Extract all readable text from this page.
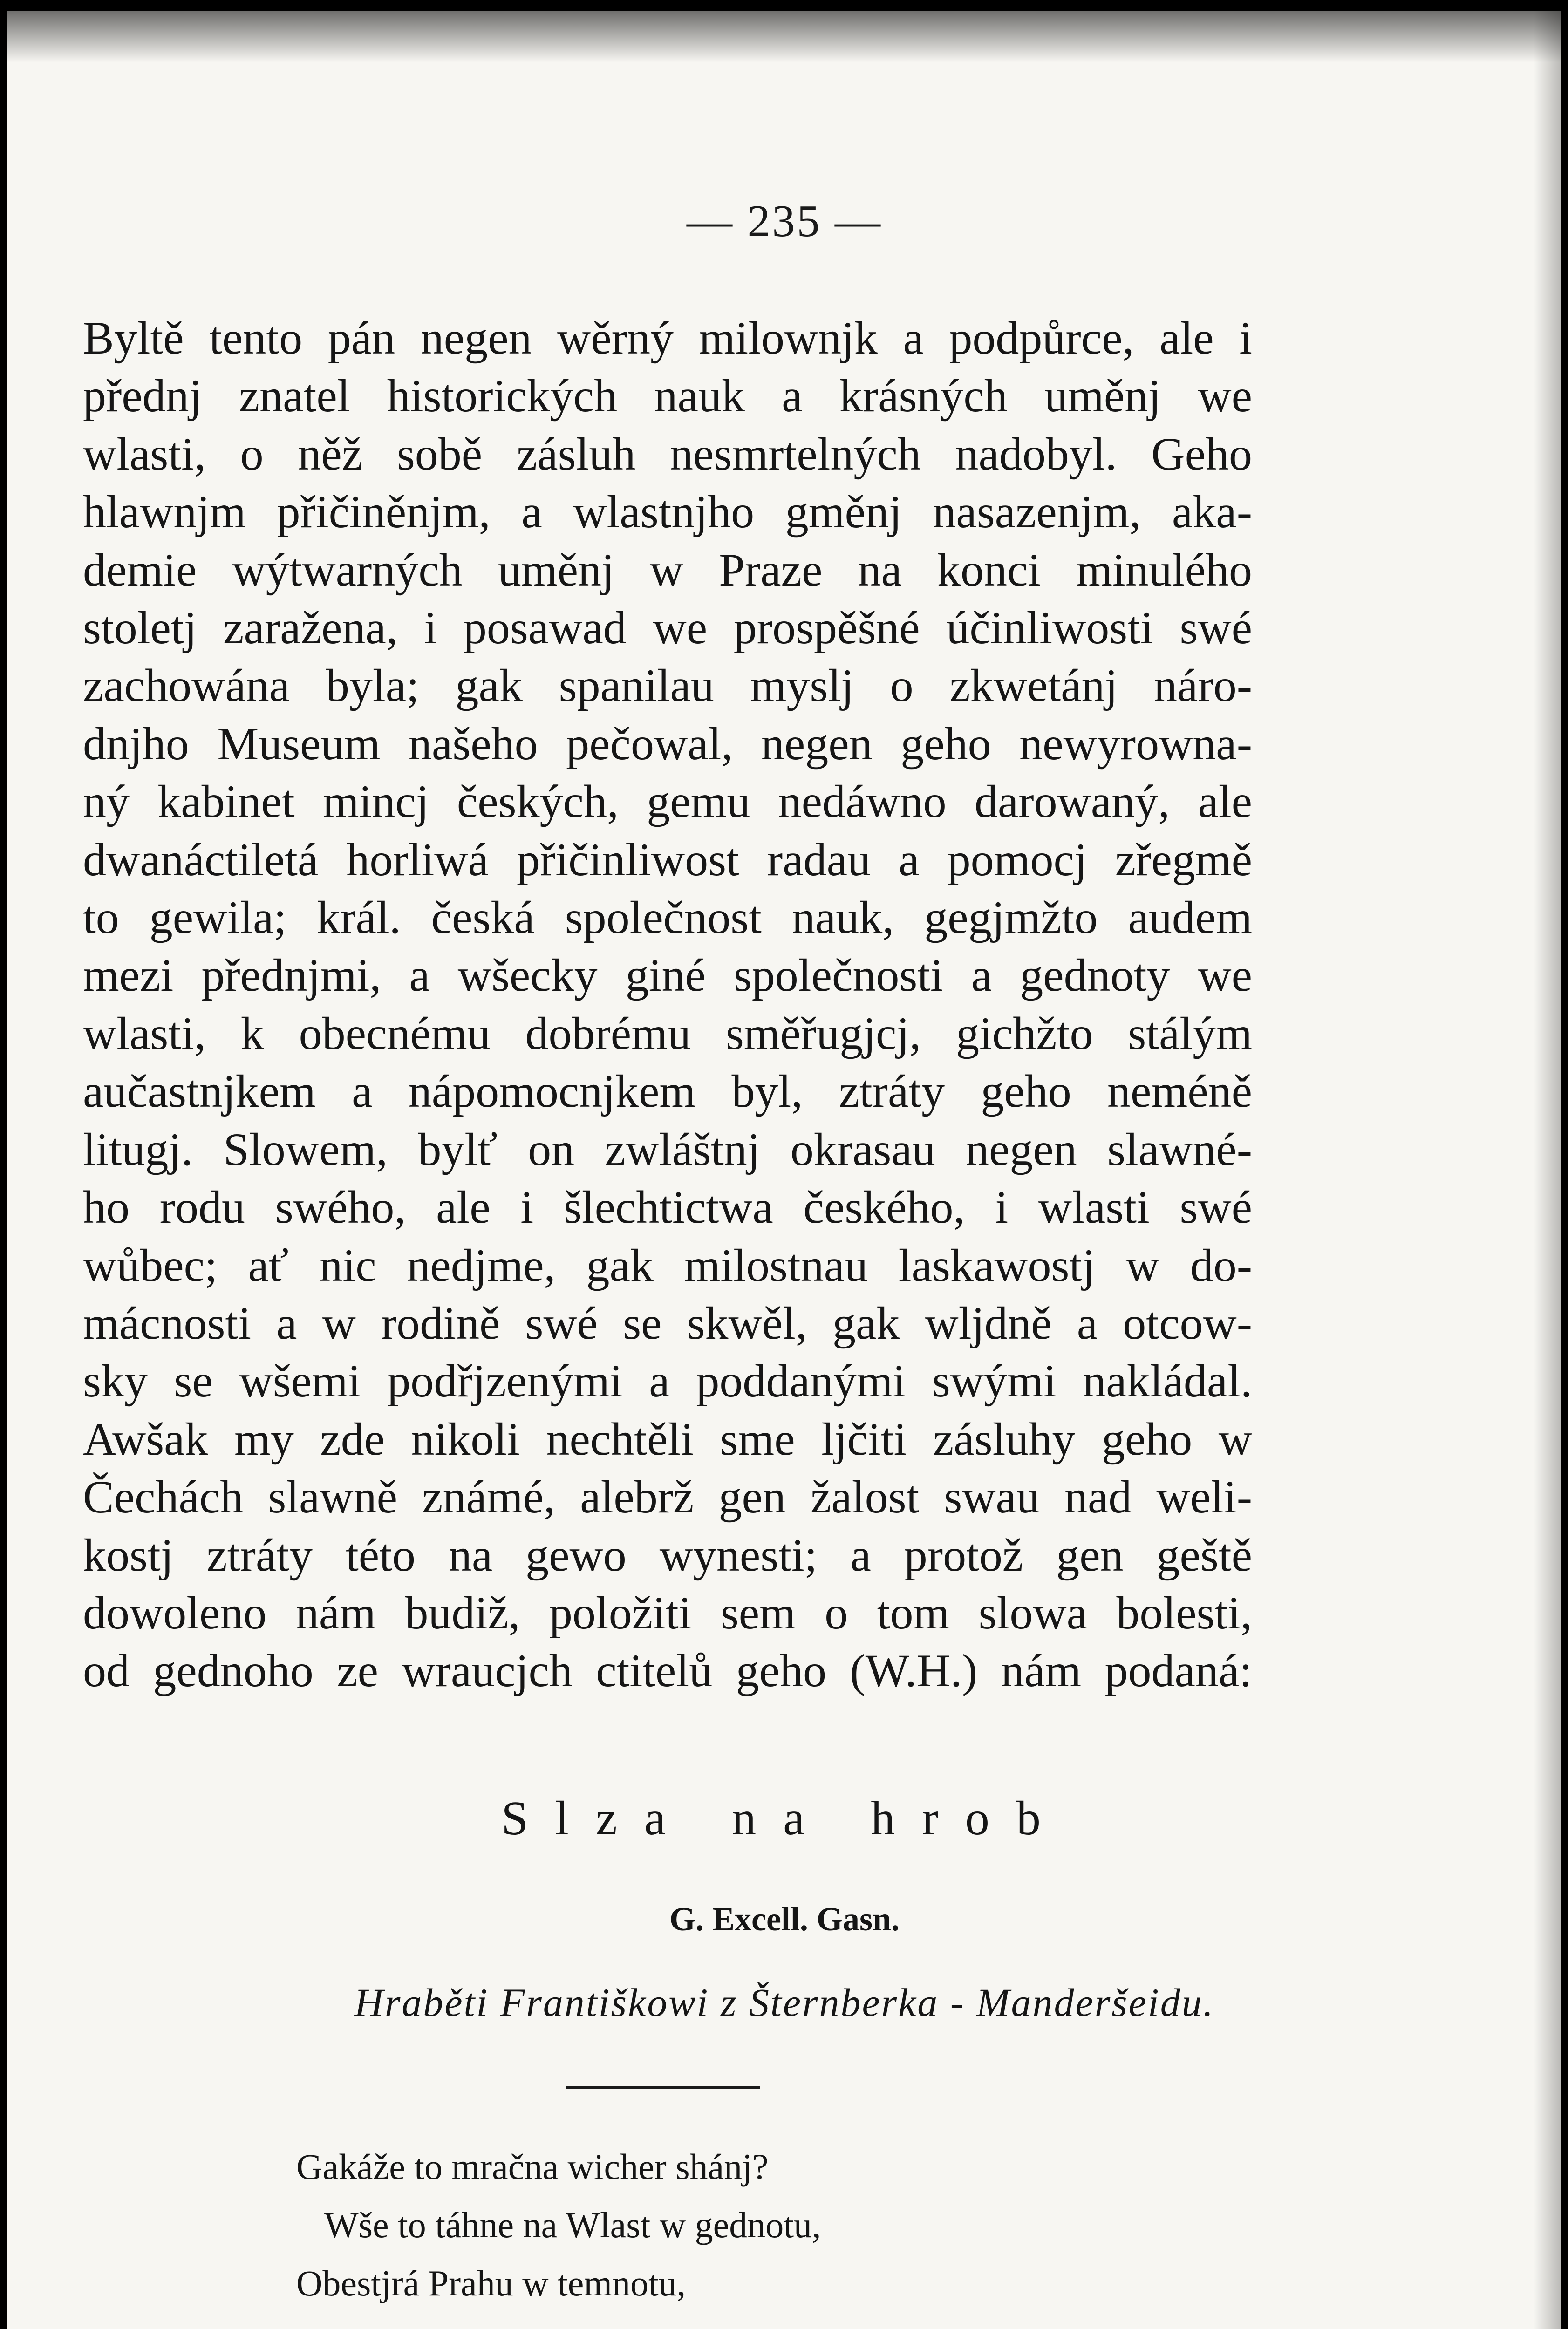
— 235 —
Byltě tento pán negen wěrný milownjk a podpůrce, ale i
přednj znatel historických nauk a krásných uměnj we
wlasti, o něž sobě zásluh nesmrtelných nadobyl. Geho
hlawnjm přičiněnjm, a wlastnjho gměnj nasazenjm, aka-
demie wýtwarných uměnj w Praze na konci minulého
stoletj zaražena, i posawad we prospěšné účinliwosti swé
zachowána byla; gak spanilau myslj o zkwetánj náro-
dnjho Museum našeho pečowal, negen geho newyrowna-
ný kabinet mincj českých, gemu nedáwno darowaný, ale
dwanáctiletá horliwá přičinliwost radau a pomocj zřegmě
to gewila; král. česká společnost nauk, gegjmžto audem
mezi přednjmi, a wšecky giné společnosti a gednoty we
wlasti, k obecnému dobrému směřugjcj, gichžto stálým
aučastnjkem a nápomocnjkem byl, ztráty geho neméně
litugj. Slowem, bylť on zwláštnj okrasau negen slawné-
ho rodu swého, ale i šlechtictwa českého, i wlasti swé
wůbec; ať nic nedjme, gak milostnau laskawostj w do-
mácnosti a w rodině swé se skwěl, gak wljdně a otcow-
sky se wšemi podřjzenými a poddanými swými nakládal.
Awšak my zde nikoli nechtěli sme ljčiti zásluhy geho w
Čechách slawně známé, alebrž gen žalost swau nad weli-
kostj ztráty této na gewo wynesti; a protož gen geště
dowoleno nám budiž, položiti sem o tom slowa bolesti,
od gednoho ze wraucjch ctitelů geho (W.H.) nám podaná:
Slza na hrob
G. Excell. Gasn.
Hraběti Františkowi z Šternberka - Manderšeidu.
Gakáže to mračna wicher shánj?
Wše to táhne na Wlast w gednotu,
Obestjrá Prahu w temnotu,
